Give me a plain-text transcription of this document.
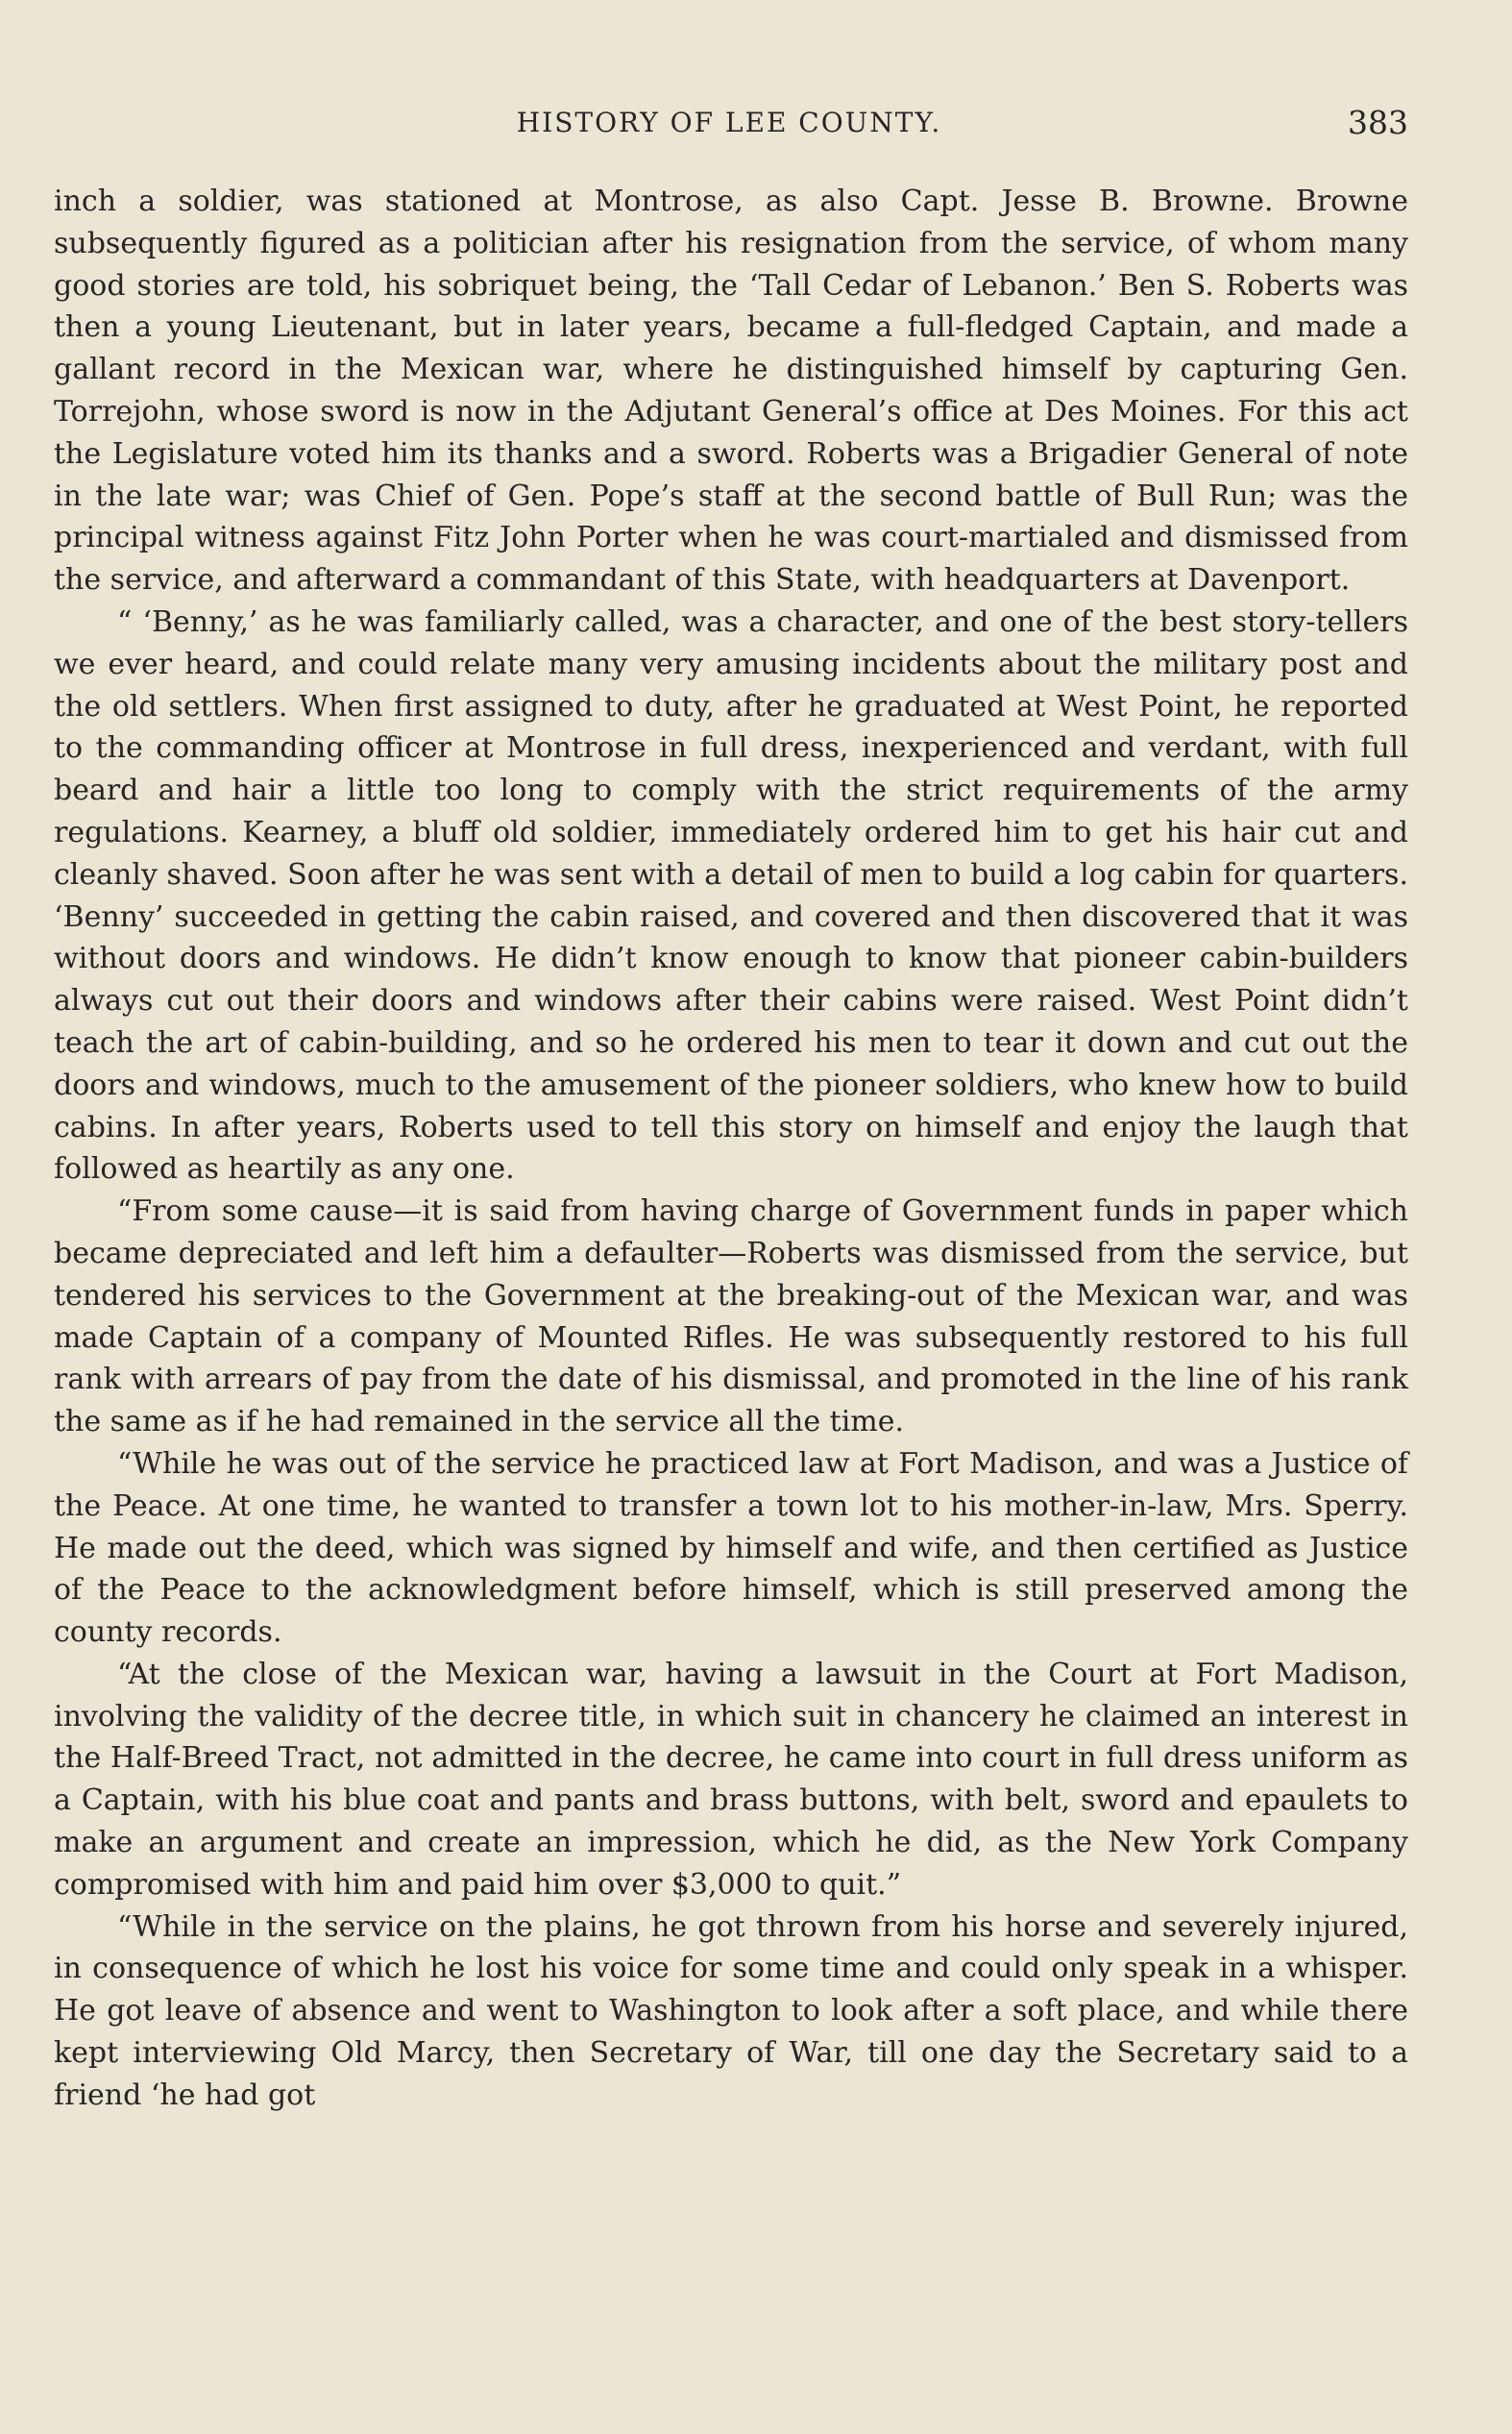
HISTORY OF LEE COUNTY.	383

inch a soldier, was stationed at Montrose, as also Capt. Jesse B. Browne. Browne subsequently figured as a politician after his resignation from the service, of whom many good stories are told, his sobriquet being, the ‘Tall Cedar of Lebanon.’ Ben S. Roberts was then a young Lieutenant, but in later years, became a full-fledged Captain, and made a gallant record in the Mexican war, where he distinguished himself by capturing Gen. Torrejohn, whose sword is now in the Adjutant General’s office at Des Moines. For this act the Legislature voted him its thanks and a sword. Roberts was a Brigadier General of note in the late war; was Chief of Gen. Pope’s staff at the second battle of Bull Run; was the principal witness against Fitz John Porter when he was court-martialed and dismissed from the service, and afterward a commandant of this State, with headquarters at Davenport.

“ ‘Benny,’ as he was familiarly called, was a character, and one of the best story-tellers we ever heard, and could relate many very amusing incidents about the military post and the old settlers. When first assigned to duty, after he graduated at West Point, he reported to the commanding officer at Montrose in full dress, inexperienced and verdant, with full beard and hair a little too long to comply with the strict requirements of the army regulations. Kearney, a bluff old soldier, immediately ordered him to get his hair cut and cleanly shaved. Soon after he was sent with a detail of men to build a log cabin for quarters. ‘Benny’ succeeded in getting the cabin raised, and covered and then discovered that it was without doors and windows. He didn’t know enough to know that pioneer cabin-builders always cut out their doors and windows after their cabins were raised. West Point didn’t teach the art of cabin-building, and so he ordered his men to tear it down and cut out the doors and windows, much to the amusement of the pioneer soldiers, who knew how to build cabins. In after years, Roberts used to tell this story on himself and enjoy the laugh that followed as heartily as any one.

“From some cause—it is said from having charge of Government funds in paper which became depreciated and left him a defaulter—Roberts was dismissed from the service, but tendered his services to the Government at the breaking-out of the Mexican war, and was made Captain of a company of Mounted Rifles. He was subsequently restored to his full rank with arrears of pay from the date of his dismissal, and promoted in the line of his rank the same as if he had remained in the service all the time.

“While he was out of the service he practiced law at Fort Madison, and was a Justice of the Peace. At one time, he wanted to transfer a town lot to his mother-in-law, Mrs. Sperry. He made out the deed, which was signed by himself and wife, and then certified as Justice of the Peace to the acknowledgment before himself, which is still preserved among the county records.

“At the close of the Mexican war, having a lawsuit in the Court at Fort Madison, involving the validity of the decree title, in which suit in chancery he claimed an interest in the Half-Breed Tract, not admitted in the decree, he came into court in full dress uniform as a Captain, with his blue coat and pants and brass buttons, with belt, sword and epaulets to make an argument and create an impression, which he did, as the New York Company compromised with him and paid him over $3,000 to quit.”

“While in the service on the plains, he got thrown from his horse and severely injured, in consequence of which he lost his voice for some time and could only speak in a whisper. He got leave of absence and went to Washington to look after a soft place, and while there kept interviewing Old Marcy, then Secretary of War, till one day the Secretary said to a friend ‘he had got
